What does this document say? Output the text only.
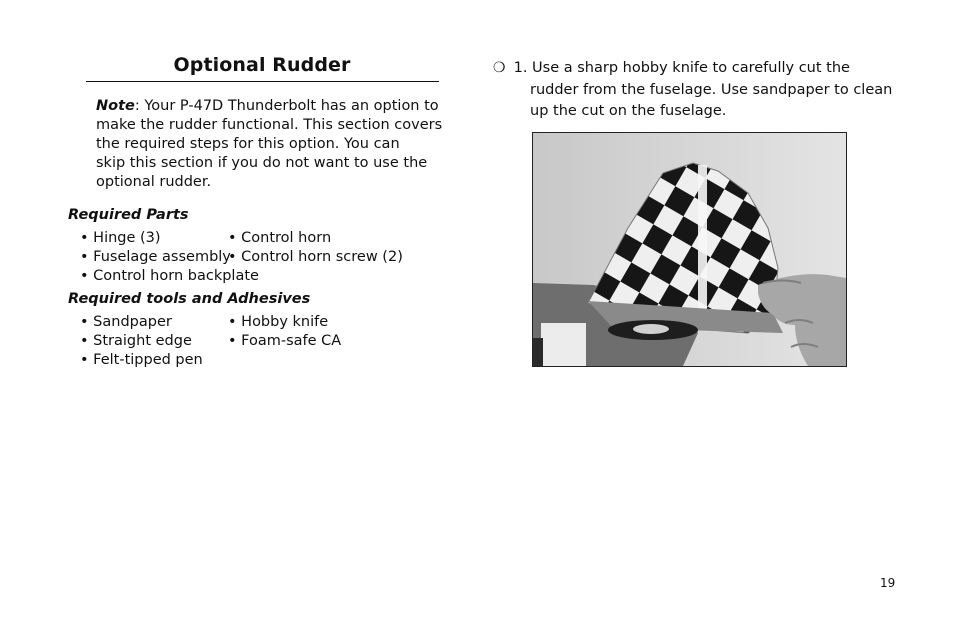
Optional Rudder
Note: Your P-47D Thunderbolt has an option to
make the rudder functional. This section covers
the required steps for this option. You can
skip this section if you do not want to use the
optional rudder.
Required Parts
• Hinge (3)	• Control horn
• Fuselage assembly
• Control horn screw (2)
• Control horn backplate
Required tools and Adhesives
• Sandpaper	• Hobby knife
• Straight edge	• Foam-safe CA
• Felt-tipped pen
❍ 1. Use a sharp hobby knife to carefully cut the
rudder from the fuselage. Use sandpaper to clean
up the cut on the fuselage.
19
